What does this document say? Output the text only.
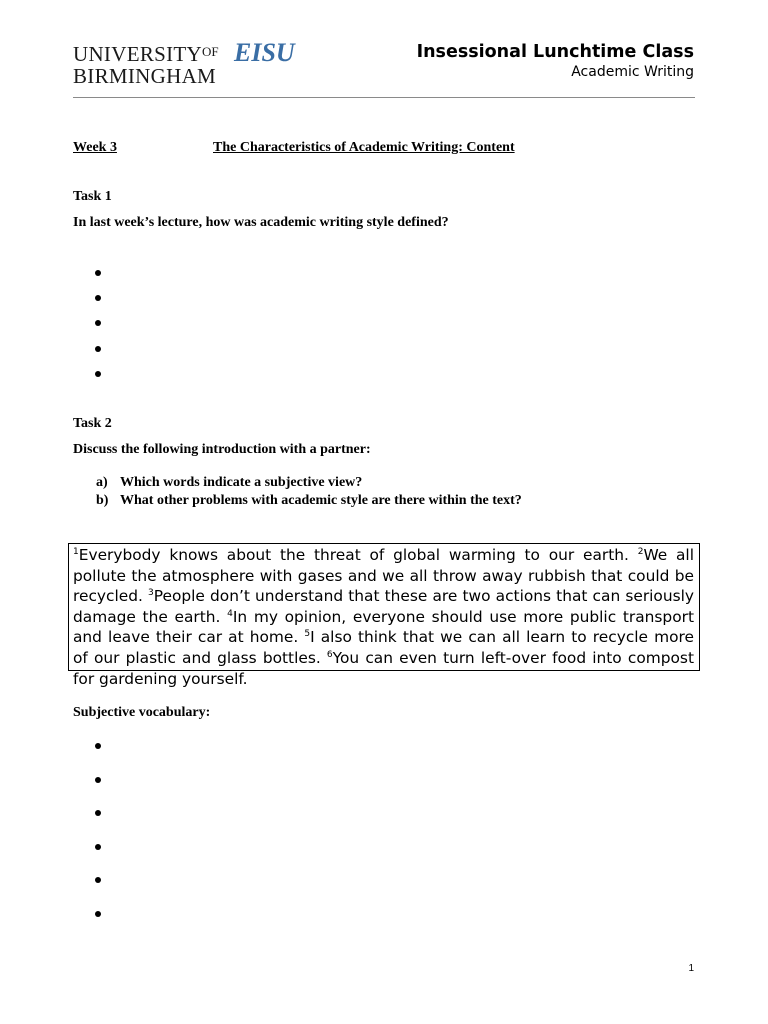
$UNIVERSITY^{OF}$
BIRMINGHAM
EISU	Insessional Lunchtime Class
Academic Writing
Week 3	The Characteristics of Academic Writing: Content
Task 1
In last week’s lecture, how was academic writing style defined?
Task 2
Discuss the following introduction with a partner:
a) Which words indicate a subjective view?
b) What other problems with academic style are there within the text?
$^1$Everybody knows about the threat of global warming to our earth. $^2$We all pollute the atmosphere with gases and we all throw away rubbish that could be recycled. $^3$People don’t understand that these are two actions that can seriously damage the earth. $^4$In my opinion, everyone should use more public transport and leave their car at home. $^5$I also think that we can all learn to recycle more of our plastic and glass bottles. $^6$You can even turn left-over food into compost for gardening yourself.
Subjective vocabulary:
1
